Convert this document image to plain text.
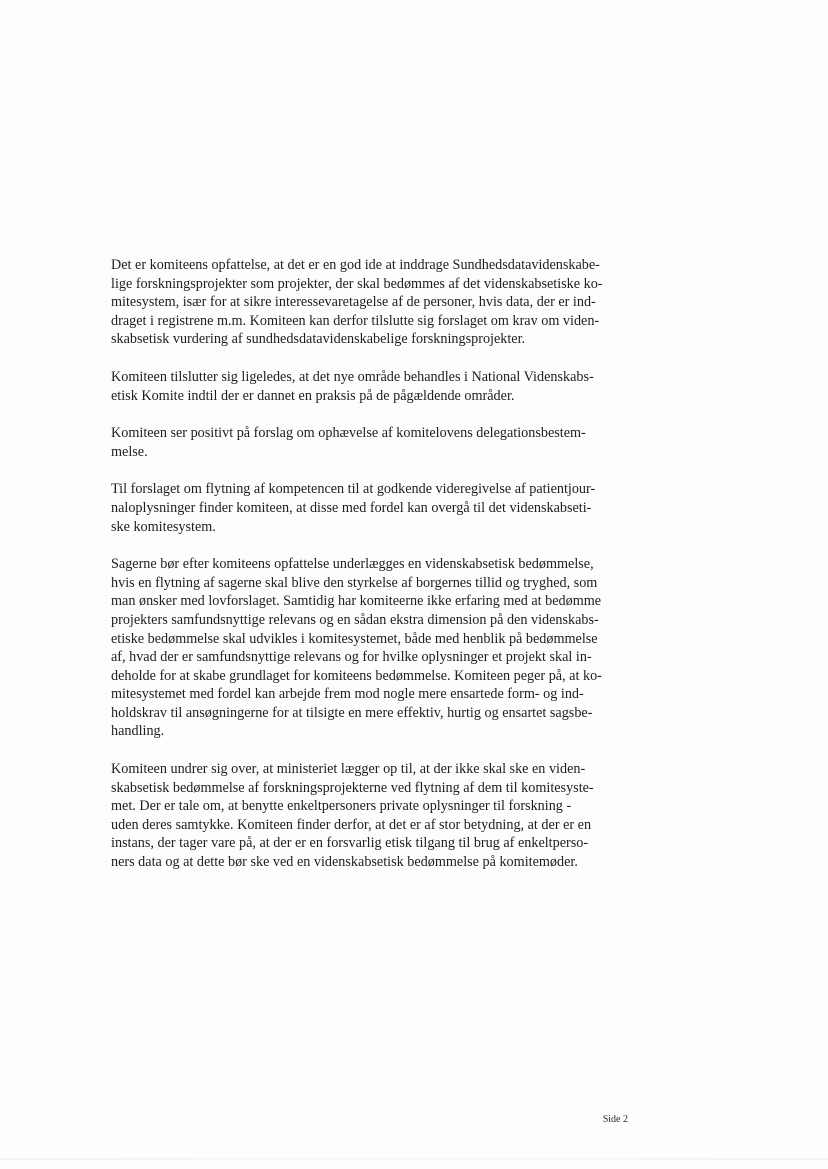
Det er komiteens opfattelse, at det er en god ide at inddrage Sundhedsdatavidenskabe-
lige forskningsprojekter som projekter, der skal bedømmes af det videnskabsetiske ko-
mitesystem, især for at sikre interessevaretagelse af de personer, hvis data, der er ind-
draget i registrene m.m. Komiteen kan derfor tilslutte sig forslaget om krav om viden-
skabsetisk vurdering af sundhedsdatavidenskabelige forskningsprojekter.

Komiteen tilslutter sig ligeledes, at det nye område behandles i National Videnskabs-
etisk Komite indtil der er dannet en praksis på de pågældende områder.

Komiteen ser positivt på forslag om ophævelse af komitelovens delegationsbestem-
melse.

Til forslaget om flytning af kompetencen til at godkende videregivelse af patientjour-
naloplysninger finder komiteen, at disse med fordel kan overgå til det videnskabseti-
ske komitesystem.

Sagerne bør efter komiteens opfattelse underlægges en videnskabsetisk bedømmelse,
hvis en flytning af sagerne skal blive den styrkelse af borgernes tillid og tryghed, som
man ønsker med lovforslaget. Samtidig har komiteerne ikke erfaring med at bedømme
projekters samfundsnyttige relevans og en sådan ekstra dimension på den videnskabs-
etiske bedømmelse skal udvikles i komitesystemet, både med henblik på bedømmelse
af, hvad der er samfundsnyttige relevans og for hvilke oplysninger et projekt skal in-
deholde for at skabe grundlaget for komiteens bedømmelse. Komiteen peger på, at ko-
mitesystemet med fordel kan arbejde frem mod nogle mere ensartede form- og ind-
holdskrav til ansøgningerne for at tilsigte en mere effektiv, hurtig og ensartet sagsbe-
handling.

Komiteen undrer sig over, at ministeriet lægger op til, at der ikke skal ske en viden-
skabsetisk bedømmelse af forskningsprojekterne ved flytning af dem til komitesyste-
met. Der er tale om, at benytte enkeltpersoners private oplysninger til forskning -
uden deres samtykke. Komiteen finder derfor, at det er af stor betydning, at der er en
instans, der tager vare på, at der er en forsvarlig etisk tilgang til brug af enkeltperso-
ners data og at dette bør ske ved en videnskabsetisk bedømmelse på komitemøder.

Side 2
